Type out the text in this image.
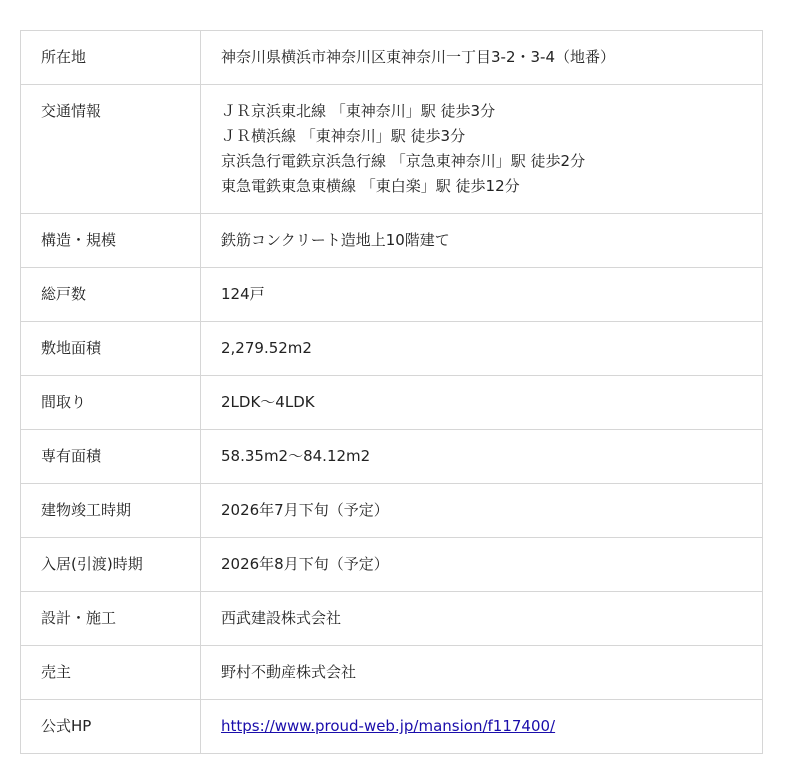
所在地	神奈川県横浜市神奈川区東神奈川一丁目3-2・3-4（地番）

交通情報	ＪＲ京浜東北線 「東神奈川」駅 徒歩3分
ＪＲ横浜線 「東神奈川」駅 徒歩3分
京浜急行電鉄京浜急行線 「京急東神奈川」駅 徒歩2分
東急電鉄東急東横線 「東白楽」駅 徒歩12分

構造・規模	鉄筋コンクリート造地上10階建て

総戸数	124戸

敷地面積	2,279.52m2

間取り	2LDK～4LDK

専有面積	58.35m2～84.12m2

建物竣工時期	2026年7月下旬（予定）

入居(引渡)時期	2026年8月下旬（予定）

設計・施工	西武建設株式会社

売主	野村不動産株式会社

公式HP	https://www.proud-web.jp/mansion/f117400/
